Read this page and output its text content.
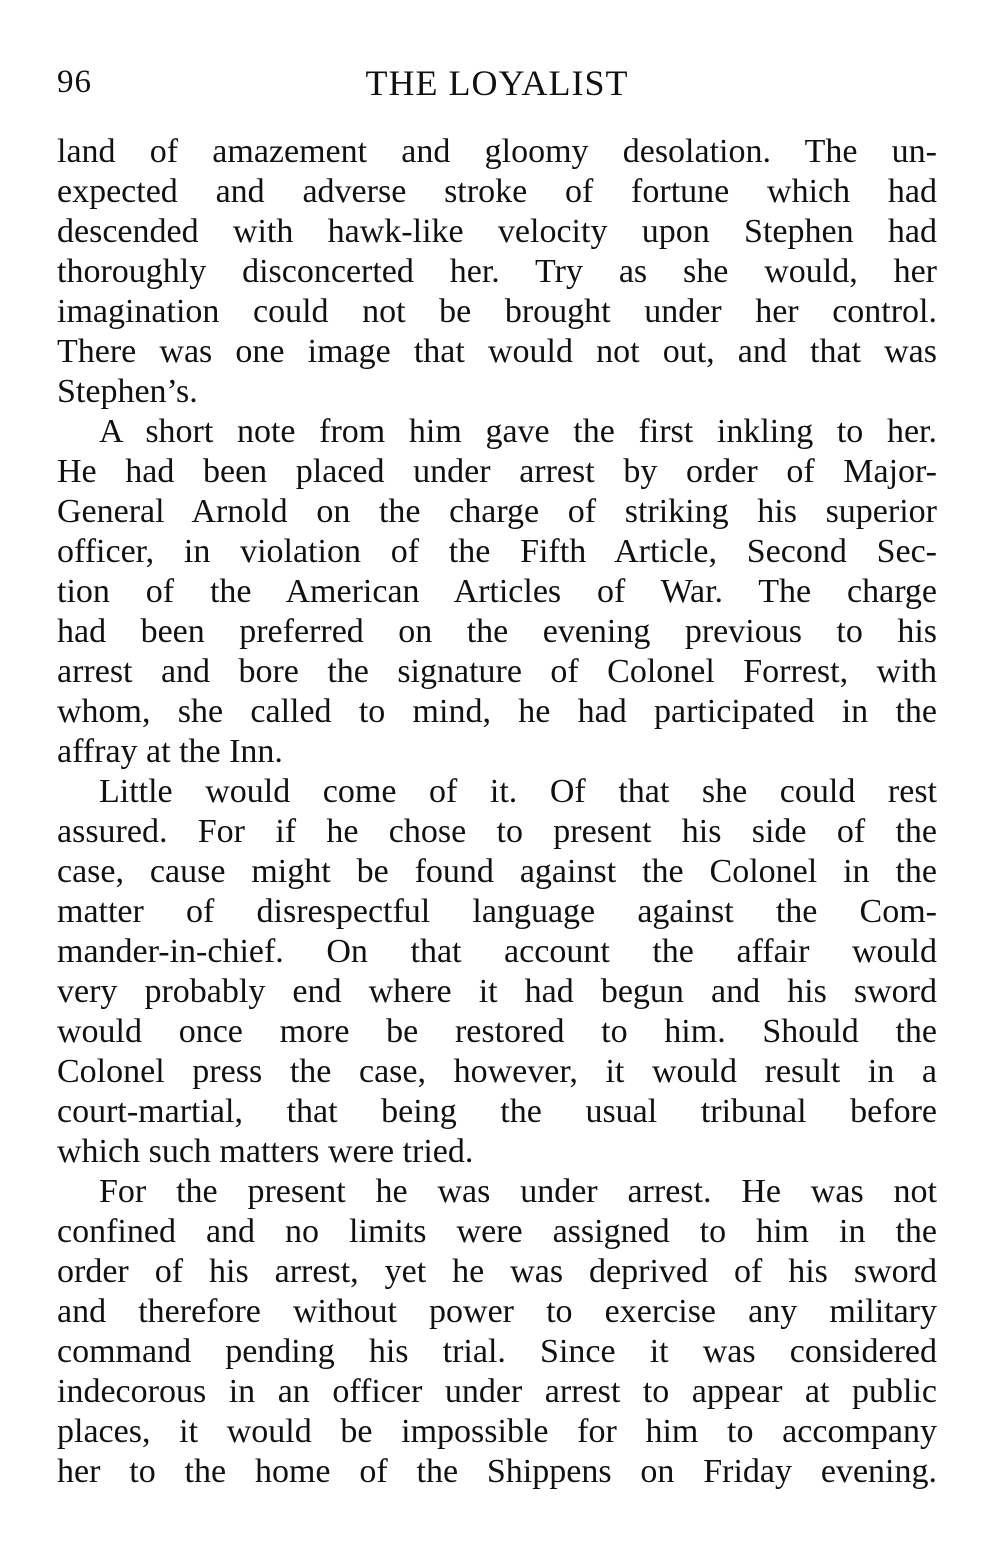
96	THE LOYALIST
land of amazement and gloomy desolation. The un-
expected and adverse stroke of fortune which had
descended with hawk-like velocity upon Stephen had
thoroughly disconcerted her. Try as she would, her
imagination could not be brought under her control.
There was one image that would not out, and that was
Stephen’s.
A short note from him gave the first inkling to her.
He had been placed under arrest by order of Major-
General Arnold on the charge of striking his superior
officer, in violation of the Fifth Article, Second Sec-
tion of the American Articles of War. The charge
had been preferred on the evening previous to his
arrest and bore the signature of Colonel Forrest, with
whom, she called to mind, he had participated in the
affray at the Inn.
Little would come of it. Of that she could rest
assured. For if he chose to present his side of the
case, cause might be found against the Colonel in the
matter of disrespectful language against the Com-
mander-in-chief. On that account the affair would
very probably end where it had begun and his sword
would once more be restored to him. Should the
Colonel press the case, however, it would result in a
court-martial, that being the usual tribunal before
which such matters were tried.
For the present he was under arrest. He was not
confined and no limits were assigned to him in the
order of his arrest, yet he was deprived of his sword
and therefore without power to exercise any military
command pending his trial. Since it was considered
indecorous in an officer under arrest to appear at public
places, it would be impossible for him to accompany
her to the home of the Shippens on Friday evening.
